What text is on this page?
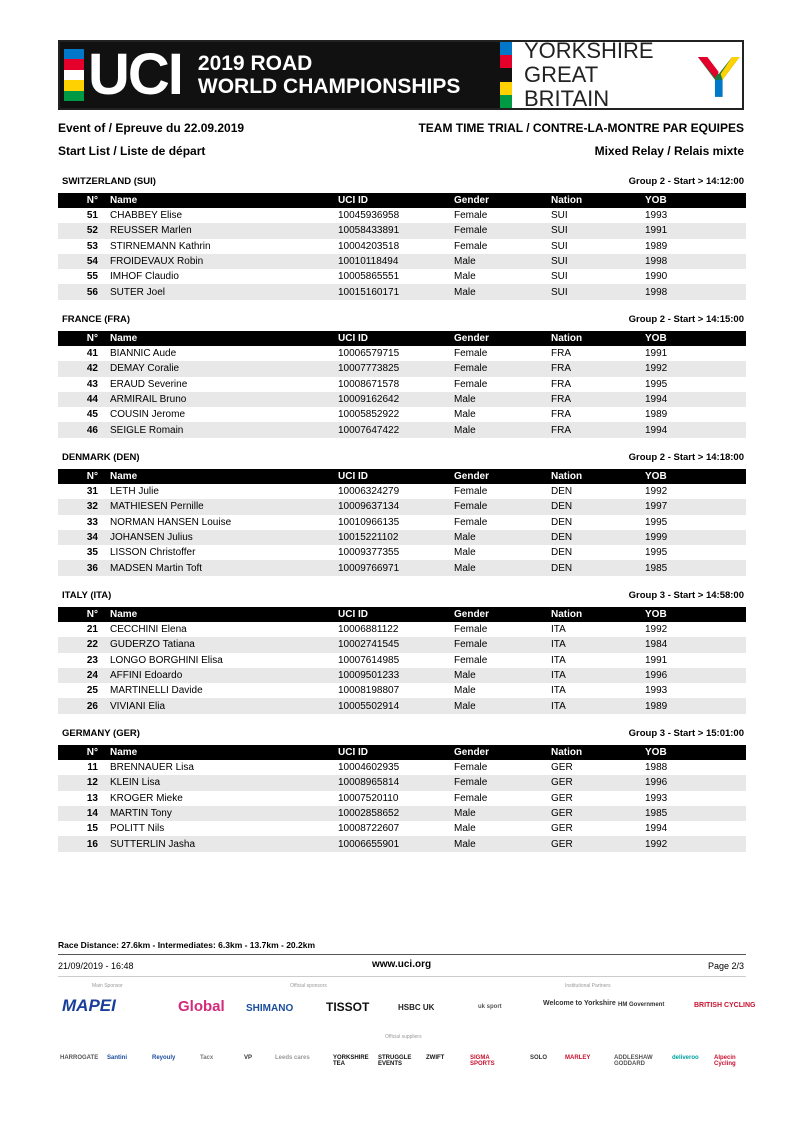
UCI 2019 ROAD
WORLD CHAMPIONSHIPS
YORKSHIRE
GREAT BRITAIN
Event of / Epreuve du 22.09.2019	TEAM TIME TRIAL / CONTRE-LA-MONTRE PAR EQUIPES
Start List / Liste de départ	Mixed Relay / Relais mixte
SWITZERLAND (SUI)	Group 2 - Start > 14:12:00
N°	Name	UCI ID	Gender	Nation	YOB
51	CHABBEY Elise	10045936958	Female	SUI	1993
52	REUSSER Marlen	10058433891	Female	SUI	1991
53	STIRNEMANN Kathrin	10004203518	Female	SUI	1989
54	FROIDEVAUX Robin	10010118494	Male	SUI	1998
55	IMHOF Claudio	10005865551	Male	SUI	1990
56	SUTER Joel	10015160171	Male	SUI	1998
FRANCE (FRA)	Group 2 - Start > 14:15:00
N°	Name	UCI ID	Gender	Nation	YOB
41	BIANNIC Aude	10006579715	Female	FRA	1991
42	DEMAY Coralie	10007773825	Female	FRA	1992
43	ERAUD Severine	10008671578	Female	FRA	1995
44	ARMIRAIL Bruno	10009162642	Male	FRA	1994
45	COUSIN Jerome	10005852922	Male	FRA	1989
46	SEIGLE Romain	10007647422	Male	FRA	1994
DENMARK (DEN)	Group 2 - Start > 14:18:00
N°	Name	UCI ID	Gender	Nation	YOB
31	LETH Julie	10006324279	Female	DEN	1992
32	MATHIESEN Pernille	10009637134	Female	DEN	1997
33	NORMAN HANSEN Louise	10010966135	Female	DEN	1995
34	JOHANSEN Julius	10015221102	Male	DEN	1999
35	LISSON Christoffer	10009377355	Male	DEN	1995
36	MADSEN Martin Toft	10009766971	Male	DEN	1985
ITALY (ITA)	Group 3 - Start > 14:58:00
N°	Name	UCI ID	Gender	Nation	YOB
21	CECCHINI Elena	10006881122	Female	ITA	1992
22	GUDERZO Tatiana	10002741545	Female	ITA	1984
23	LONGO BORGHINI Elisa	10007614985	Female	ITA	1991
24	AFFINI Edoardo	10009501233	Male	ITA	1996
25	MARTINELLI Davide	10008198807	Male	ITA	1993
26	VIVIANI Elia	10005502914	Male	ITA	1989
GERMANY (GER)	Group 3 - Start > 15:01:00
N°	Name	UCI ID	Gender	Nation	YOB
11	BRENNAUER Lisa	10004602935	Female	GER	1988
12	KLEIN Lisa	10008965814	Female	GER	1996
13	KROGER Mieke	10007520110	Female	GER	1993
14	MARTIN Tony	10002858652	Male	GER	1985
15	POLITT Nils	10008722607	Male	GER	1994
16	SUTTERLIN Jasha	10006655901	Male	GER	1992
Race Distance: 27.6km - Intermediates: 6.3km - 13.7km - 20.2km
21/09/2019 - 16:48	www.uci.org	Page 2/3
Main Sponsor	Official sponsors	Institutional Partners
Official suppliers
MAPEI	Global SHIMANO	TISSOT	HSBC UK	uk sport	Welcome to Yorkshire HM Government	BRITISH CYCLING
HARROGATE Santini	Reyouly	Tacx	VP	Leeds cares	YORKSHIRE TEA
STRUGGLE EVENTS
ZWIFT	SIGMA SPORTS
SOLO	MARLEY	ADDLESHAW GODDARD
deliveroo	Alpecin Cycling
